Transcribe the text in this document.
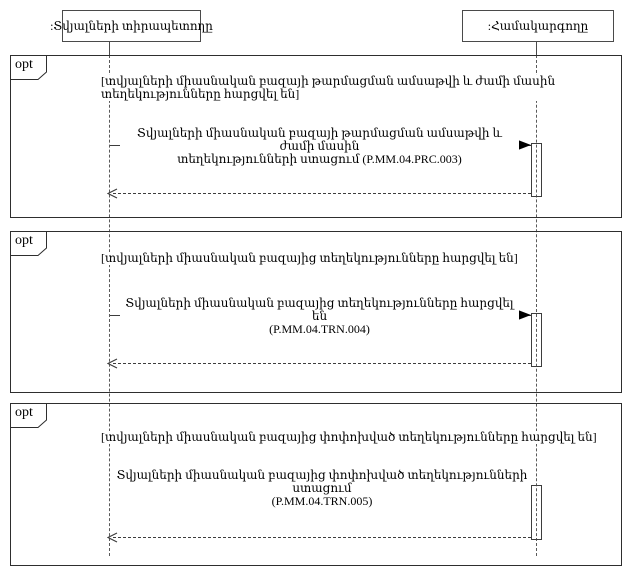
:Տվյալների տիրապետողը	:Համակարգողը
opt
[տվյալների միասնական բազայի թարմացման ամսաթվի և ժամի մասին
տեղեկությունները հարցվել են]
Տվյալների միասնական բազայի թարմացման ամսաթվի և ժամի մասին
տեղեկությունների ստացում (P.MM.04.PRC.003)
opt
[տվյալների միասնական բազայից տեղեկությունները հարցվել են]
Տվյալների միասնական բազայից տեղեկությունները հարցվել են
(P.MM.04.TRN.004)
opt
[տվյալների միասնական բազայից փոփոխված տեղեկությունները հարցվել են]
Տվյալների միասնական բազայից փոփոխված տեղեկությունների ստացում
(P.MM.04.TRN.005)
